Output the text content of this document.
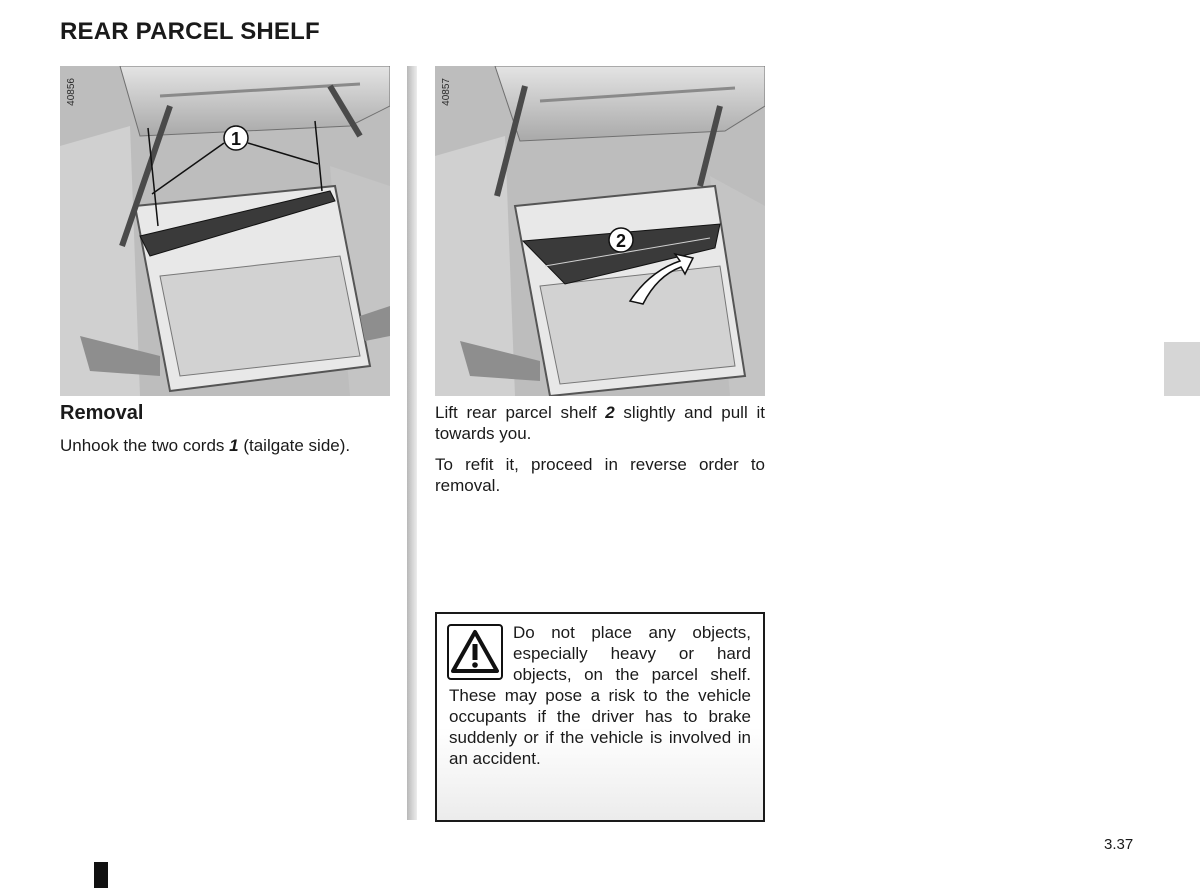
REAR PARCEL SHELF
1
40856
2
40857
Removal

Unhook the two cords 1 (tailgate side).

Lift rear parcel shelf 2 slightly and pull it towards you.

To refit it, proceed in reverse order to removal.

Do not place any objects, especially heavy or hard objects, on the parcel shelf. These may pose a risk to the vehicle occupants if the driver has to brake suddenly or if the vehicle is involved in an accident.

3.37
